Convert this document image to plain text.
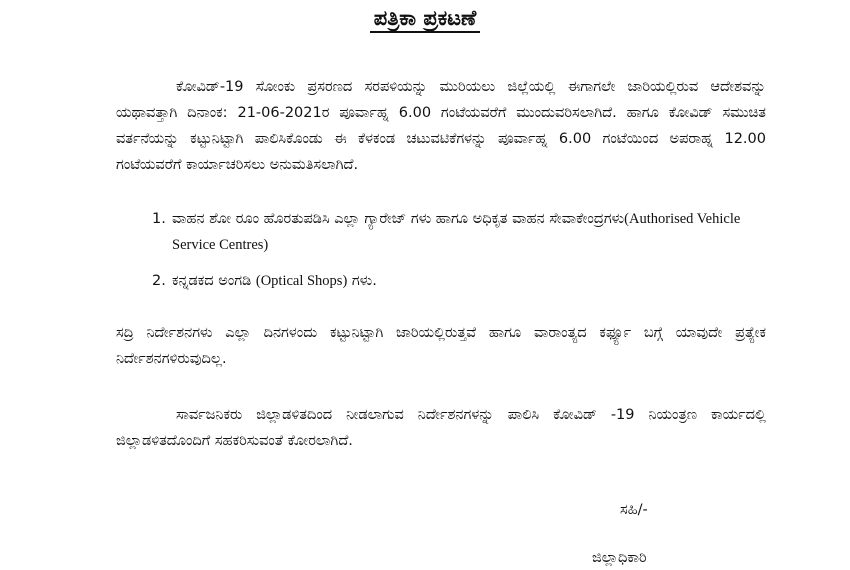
ಪತ್ರಿಕಾ ಪ್ರಕಟಣೆ

ಕೋವಿಡ್-19 ಸೋಂಕು ಪ್ರಸರಣದ ಸರಪಳಿಯನ್ನು ಮುರಿಯಲು ಜಿಲ್ಲೆಯಲ್ಲಿ ಈಗಾಗಲೇ ಜಾರಿಯಲ್ಲಿರುವ ಆದೇಶವನ್ನು ಯಥಾವತ್ತಾಗಿ ದಿನಾಂಕ: 21-06-2021ರ ಪೂರ್ವಾಹ್ನ 6.00 ಗಂಟೆಯವರೆಗೆ ಮುಂದುವರಿಸಲಾಗಿದೆ. ಹಾಗೂ ಕೋವಿಡ್ ಸಮುಚಿತ ವರ್ತನೆಯನ್ನು ಕಟ್ಟುನಿಟ್ಟಾಗಿ ಪಾಲಿಸಿಕೊಂಡು ಈ ಕೆಳಕಂಡ ಚಟುವಟಿಕೆಗಳನ್ನು ಪೂರ್ವಾಹ್ನ 6.00 ಗಂಟೆಯಿಂದ ಅಪರಾಹ್ನ 12.00 ಗಂಟೆಯವರೆಗೆ ಕಾರ್ಯಾಚರಿಸಲು ಅನುಮತಿಸಲಾಗಿದೆ.

1. ವಾಹನ ಶೋ ರೂಂ ಹೊರತುಪಡಿಸಿ ಎಲ್ಲಾ ಗ್ಯಾರೇಜ್ ಗಳು ಹಾಗೂ ಅಧಿಕೃತ ವಾಹನ ಸೇವಾಕೇಂದ್ರಗಳು(Authorised Vehicle Service Centres)
2. ಕನ್ನಡಕದ ಅಂಗಡಿ (Optical Shops) ಗಳು.

ಸದ್ರಿ ನಿರ್ದೇಶನಗಳು ಎಲ್ಲಾ ದಿನಗಳಂದು ಕಟ್ಟುನಿಟ್ಟಾಗಿ ಜಾರಿಯಲ್ಲಿರುತ್ತವೆ ಹಾಗೂ ವಾರಾಂತ್ಯದ ಕರ್ಫ್ಯೂ ಬಗ್ಗೆ ಯಾವುದೇ ಪ್ರತ್ಯೇಕ ನಿರ್ದೇಶನಗಳಿರುವುದಿಲ್ಲ.

ಸಾರ್ವಜನಿಕರು ಜಿಲ್ಲಾಡಳಿತದಿಂದ ನೀಡಲಾಗುವ ನಿರ್ದೇಶನಗಳನ್ನು ಪಾಲಿಸಿ ಕೋವಿಡ್ -19 ನಿಯಂತ್ರಣ ಕಾರ್ಯದಲ್ಲಿ ಜಿಲ್ಲಾಡಳಿತದೊಂದಿಗೆ ಸಹಕರಿಸುವಂತೆ ಕೋರಲಾಗಿದೆ.

ಸಹಿ/-
ಜಿಲ್ಲಾಧಿಕಾರಿ
